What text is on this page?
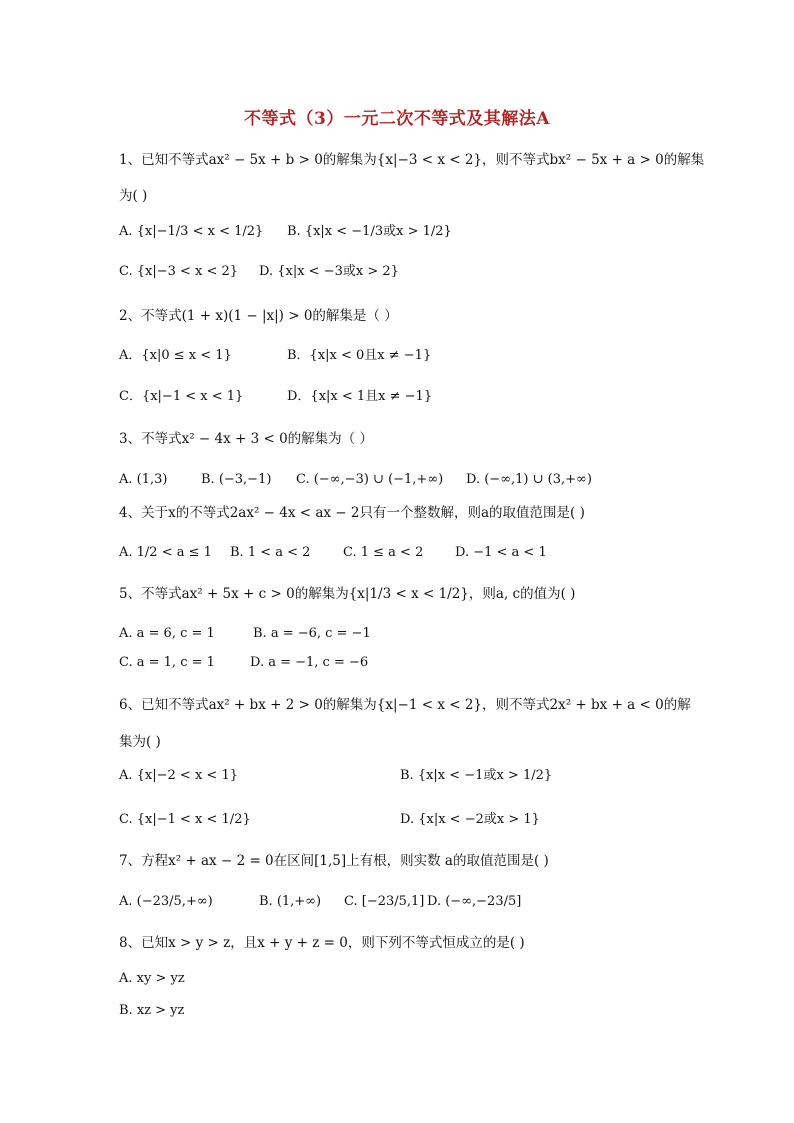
不等式（3）一元二次不等式及其解法A
1、已知不等式ax² − 5x + b > 0的解集为{x|−3 < x < 2}，则不等式bx² − 5x + a > 0的解集
为( )
A. {x|−1/3 < x < 1/2} B. {x|x < −1/3或x > 1/2}
C. {x|−3 < x < 2} D. {x|x < −3或x > 2}
2、不等式(1 + x)(1 − |x|) > 0的解集是（ ）
A．{x|0 ≤ x < 1}	B．{x|x < 0且x ≠ −1}
C．{x|−1 < x < 1}	D．{x|x < 1且x ≠ −1}
3、不等式x² − 4x + 3 < 0的解集为（ ）
A. (1,3)	B. (−3,−1) C. (−∞,−3) ∪ (−1,+∞) D. (−∞,1) ∪ (3,+∞)
4、关于x的不等式2ax² − 4x < ax − 2只有一个整数解，则a的取值范围是( )
A. 1/2 < a ≤ 1 B. 1 < a < 2	C. 1 ≤ a < 2 D. −1 < a < 1
5、不等式ax² + 5x + c > 0的解集为{x|1/3 < x < 1/2}，则a, c的值为( )
A. a = 6, c = 1	B. a = −6, c = −1
C. a = 1, c = 1	D. a = −1, c = −6
6、已知不等式ax² + bx + 2 > 0的解集为{x|−1 < x < 2}，则不等式2x² + bx + a < 0的解
集为( )
A. {x|−2 < x < 1}	B. {x|x < −1或x > 1/2}
C. {x|−1 < x < 1/2}	D. {x|x < −2或x > 1}
7、方程x² + ax − 2 = 0在区间[1,5]上有根，则实数 a的取值范围是( )
A. (−23/5,+∞)	B. (1,+∞) C. [−23/5,1] D. (−∞,−23/5]
8、已知x > y > z，且x + y + z = 0，则下列不等式恒成立的是( )
A. xy > yz
B. xz > yz
